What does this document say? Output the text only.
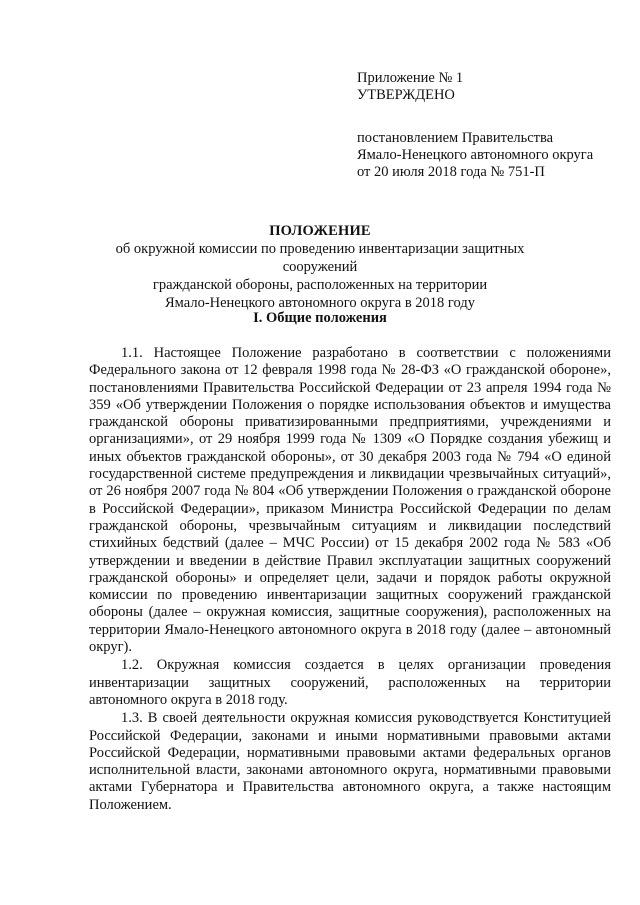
Приложение № 1
УТВЕРЖДЕНО
постановлением Правительства
Ямало-Ненецкого автономного округа
от 20 июля 2018 года № 751-П
ПОЛОЖЕНИЕ
об окружной комиссии по проведению инвентаризации защитных сооружений
гражданской обороны, расположенных на территории
Ямало-Ненецкого автономного округа в 2018 году
I. Общие положения

1.1. Настоящее Положение разработано в соответствии с положениями Федерального закона от 12 февраля 1998 года № 28-ФЗ «О гражданской обороне», постановлениями Правительства Российской Федерации от 23 апреля 1994 года № 359 «Об утверждении Положения о порядке использования объектов и имущества гражданской обороны приватизированными предприятиями, учреждениями и организациями», от 29 ноября 1999 года № 1309 «О Порядке создания убежищ и иных объектов гражданской обороны», от 30 декабря 2003 года № 794 «О единой государственной системе предупреждения и ликвидации чрезвычайных ситуаций», от 26 ноября 2007 года № 804 «Об утверждении Положения о гражданской обороне в Российской Федерации», приказом Министра Российской Федерации по делам гражданской обороны, чрезвычайным ситуациям и ликвидации последствий стихийных бедствий (далее – МЧС России) от 15 декабря 2002 года № 583 «Об утверждении и введении в действие Правил эксплуатации защитных сооружений гражданской обороны» и определяет цели, задачи и порядок работы окружной комиссии по проведению инвентаризации защитных сооружений гражданской обороны (далее – окружная комиссия, защитные сооружения), расположенных на территории Ямало-Ненецкого автономного округа в 2018 году (далее – автономный округ).

1.2. Окружная комиссия создается в целях организации проведения инвентаризации защитных сооружений, расположенных на территории автономного округа в 2018 году.

1.3. В своей деятельности окружная комиссия руководствуется Конституцией Российской Федерации, законами и иными нормативными правовыми актами Российской Федерации, нормативными правовыми актами федеральных органов исполнительной власти, законами автономного округа, нормативными правовыми актами Губернатора и Правительства автономного округа, а также настоящим Положением.
